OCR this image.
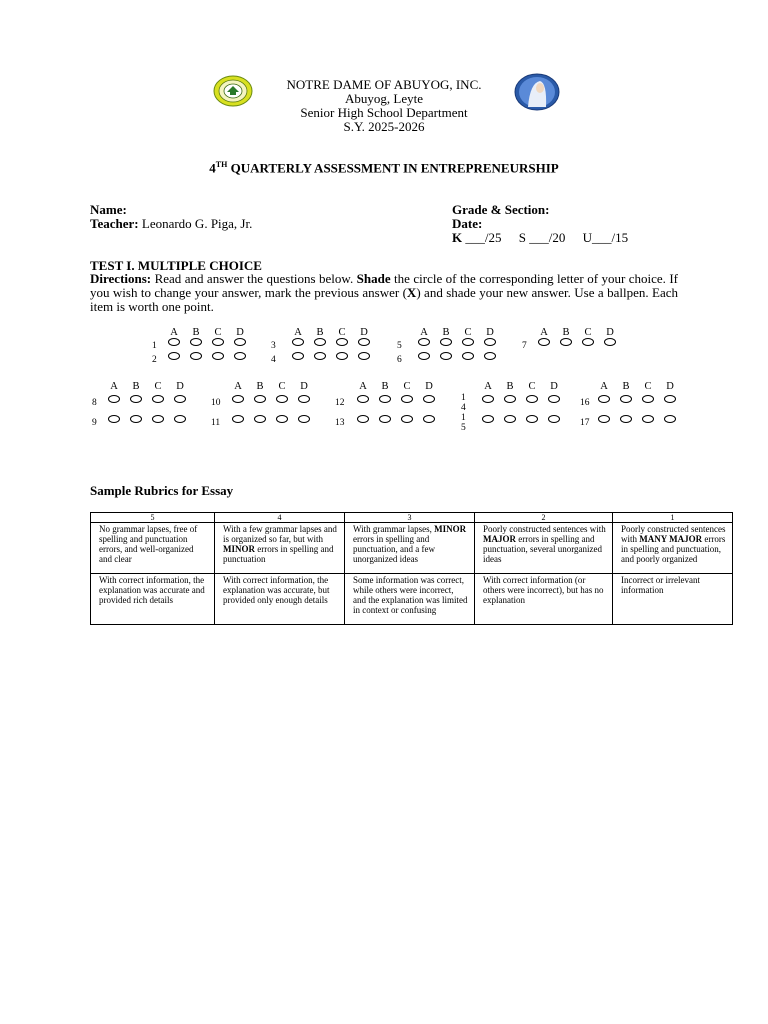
NOTRE DAME OF ABUYOG, INC.
Abuyog, Leyte
Senior High School Department
S.Y. 2025-2026
4TH QUARTERLY ASSESSMENT IN ENTREPRENEURSHIP
Name:
Teacher: Leonardo G. Piga, Jr.
Grade & Section:
Date:
K ___/25 S ___/20 U___/15
TEST I. MULTIPLE CHOICE
Directions: Read and answer the questions below. Shade the circle of the corresponding letter of your choice. If you wish to change your answer, mark the previous answer (X) and shade your new answer. Use a ballpen. Each item is worth one point.
A	B	C	D
1
2
A	B	C	D
3
4
A	B	C	D
5
6
A	B	C	D
7
A	B	C	D
8
9
A	B	C	D
10
11
A	B	C	D
12
13
A	B	C	D
1
4
1
5
A	B	C	D
16
17
Sample Rubrics for Essay
5	4	3	2	1
No grammar lapses, free of spelling and punctuation errors, and well-organized and clear	With a few grammar lapses and is organized so far, but with MINOR errors in spelling and punctuation	With grammar lapses, MINOR errors in spelling and punctuation, and a few unorganized ideas	Poorly constructed sentences with MAJOR errors in spelling and punctuation, several unorganized ideas	Poorly constructed sentences with MANY MAJOR errors in spelling and punctuation, and poorly organized
With correct information, the explanation was accurate and provided rich details	With correct information, the explanation was accurate, but provided only enough details	Some information was correct, while others were incorrect, and the explanation was limited in context or confusing	With correct information (or others were incorrect), but has no explanation	Incorrect or irrelevant information
